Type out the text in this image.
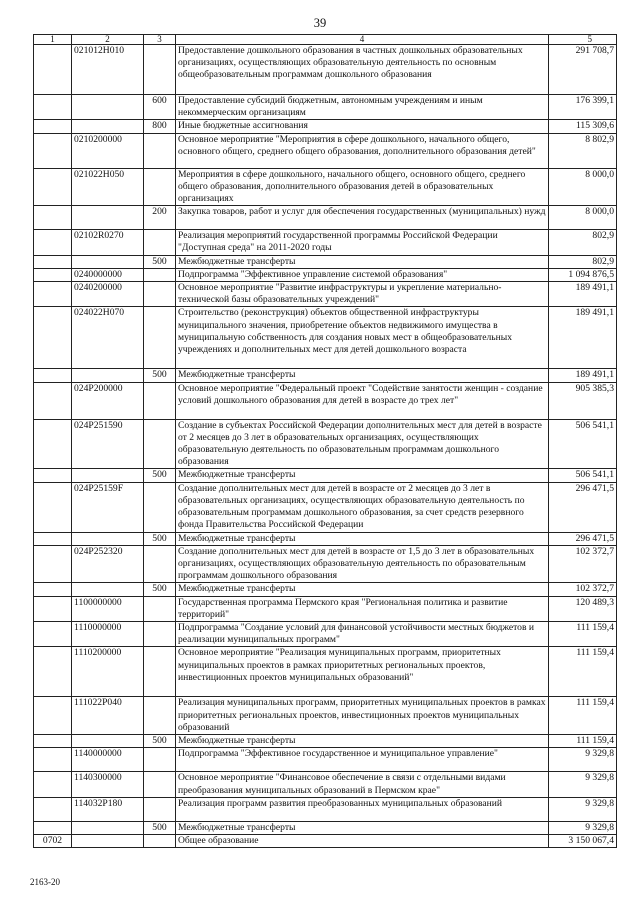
39
1	2	3	4	5
	021012Н010		Предоставление дошкольного образования в частных дошкольных образовательных организациях, осуществляющих образовательную деятельность по основным общеобразовательным программам дошкольного образования	291 708,7
		600	Предоставление субсидий бюджетным, автономным учреждениям и иным некоммерческим организациям	176 399,1
		800	Иные бюджетные ассигнования	115 309,6
	0210200000		Основное мероприятие "Мероприятия в сфере дошкольного, начального общего, основного общего, среднего общего образования, дополнительного образования детей"	8 802,9
	021022Н050		Мероприятия в сфере дошкольного, начального общего, основного общего, среднего общего образования, дополнительного образования детей в образовательных организациях	8 000,0
		200	Закупка товаров, работ и услуг для обеспечения государственных (муниципальных) нужд	8 000,0
	02102R0270		Реализация мероприятий государственной программы Российской Федерации "Доступная среда" на 2011-2020 годы	802,9
		500	Межбюджетные трансферты	802,9
	0240000000		Подпрограмма "Эффективное управление системой образования"	1 094 876,5
	0240200000		Основное мероприятие "Развитие инфраструктуры и укрепление материально-технической базы образовательных учреждений"	189 491,1
	024022Н070		Строительство (реконструкция) объектов общественной инфраструктуры муниципального значения, приобретение объектов недвижимого имущества в муниципальную собственность для создания новых мест в общеобразовательных учреждениях и дополнительных мест для детей дошкольного возраста	189 491,1
		500	Межбюджетные трансферты	189 491,1
	024P200000		Основное мероприятие "Федеральный проект "Содействие занятости женщин - создание условий дошкольного образования для детей в возрасте до трех лет"	905 385,3
	024P251590		Создание в субъектах Российской Федерации дополнительных мест для детей в возрасте от 2 месяцев до 3 лет в образовательных организациях, осуществляющих образовательную деятельность по образовательным программам дошкольного образования	506 541,1
		500	Межбюджетные трансферты	506 541,1
	024P25159F		Создание дополнительных мест для детей в возрасте от 2 месяцев до 3 лет в образовательных организациях, осуществляющих образовательную деятельность по образовательным программам дошкольного образования, за счет средств резервного фонда Правительства Российской Федерации	296 471,5
		500	Межбюджетные трансферты	296 471,5
	024P252320		Создание дополнительных мест для детей в возрасте от 1,5 до 3 лет в образовательных организациях, осуществляющих образовательную деятельность по образовательным программам дошкольного образования	102 372,7
		500	Межбюджетные трансферты	102 372,7
	1100000000		Государственная программа Пермского края "Региональная политика и развитие территорий"	120 489,3
	1110000000		Подпрограмма "Создание условий для финансовой устойчивости местных бюджетов и реализации муниципальных программ"	111 159,4
	1110200000		Основное мероприятие "Реализация муниципальных программ, приоритетных муниципальных проектов в рамках приоритетных региональных проектов, инвестиционных проектов муниципальных образований"	111 159,4
	111022Р040		Реализация муниципальных программ, приоритетных муниципальных проектов в рамках приоритетных региональных проектов, инвестиционных проектов муниципальных образований	111 159,4
		500	Межбюджетные трансферты	111 159,4
	1140000000		Подпрограмма "Эффективное государственное и муниципальное управление"	9 329,8
	1140300000		Основное мероприятие "Финансовое обеспечение в связи с отдельными видами преобразования муниципальных образований в Пермском крае"	9 329,8
	114032Р180		Реализация программ развития преобразованных муниципальных образований	9 329,8
		500	Межбюджетные трансферты	9 329,8
0702			Общее образование	3 150 067,4
2163-20
